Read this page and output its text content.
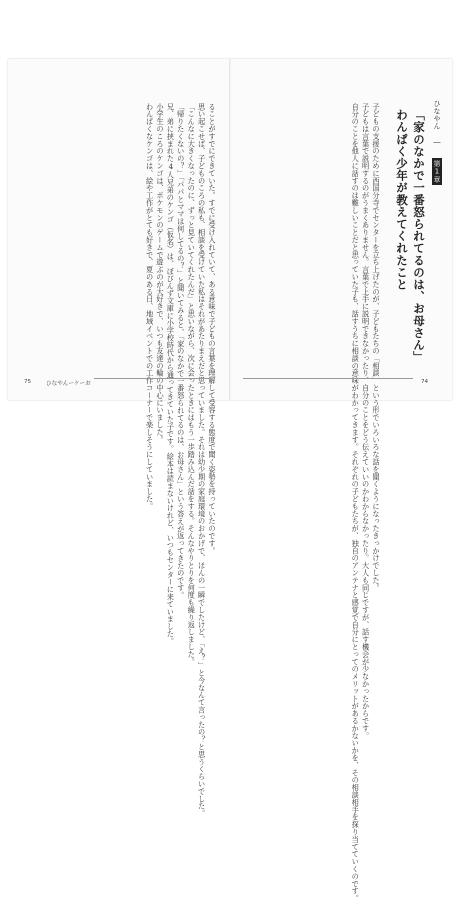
ることがすでにできていた。すでに受け入れていて、ある意味で子どもの言葉を理解して受容する態度で聞く姿勢を持っていたのです。
思い起こせば、子どものころの私も、相談を受けていた私はそれがあたりまえだと思っていました。それは幼少期の家庭環境のおかげで、ほんの一瞬でしたけど、「え？」と今なんて言ったの？と思うくらいでした。
「こんなに大きくなったのに、ずっと見ていてくれたんだ」と思いながら、次に会ったときにはもう一歩踏み込んだ話をする。そんなやりとりを何度も繰り返しました。
「帰りたくないの？」「パパとママは何してるの？」と聞いてみると、「家のなかで一番怒られてるのは、お母さん」という答えが返ってきたのです。
兄、弟に挟まれた4人兄弟のケンゴ（仮名）は、ぼびんず文庫に小学校時代から通ってきていた子です。絵本は読まないけれど、いつもセンターに来ていました。
小学生のころのケンゴは、ポケモンのゲームで遊ぶのが大好きで、いつも友達の輪の中心にいました。
わんぱくなケンゴは、絵や工作がとても好きで、夏のある日、地域イベントでの工作コーナーで楽しそうにしていました。
75	ひなやんーケーお
ひなやん ― 第1章
「家のなかで一番怒られてるのは、お母さん」
わんぱく少年が教えてくれたこと
子どもの支援のために西国分寺でセンターを立ち上げたのが、子どもたちの「相談」という形でいろいろな話を聞くようになったきっかけでした。
子どもは言葉で説明するのがうまくありません。言葉で上手に説明できなかったり、自分のことをどう伝えていいのかわからなかったり。大人も同じですが、話す機会が少なかったからです。
自分のことを他人に話すのは難しいことだと思っていた子も、話すうちに相談の意味がわかってきます。それぞれの子どもたちが、独自のアンテナと感覚で自分にとってのメリットがあるかないかを、その相談相手を探り当てていくのです。	74
